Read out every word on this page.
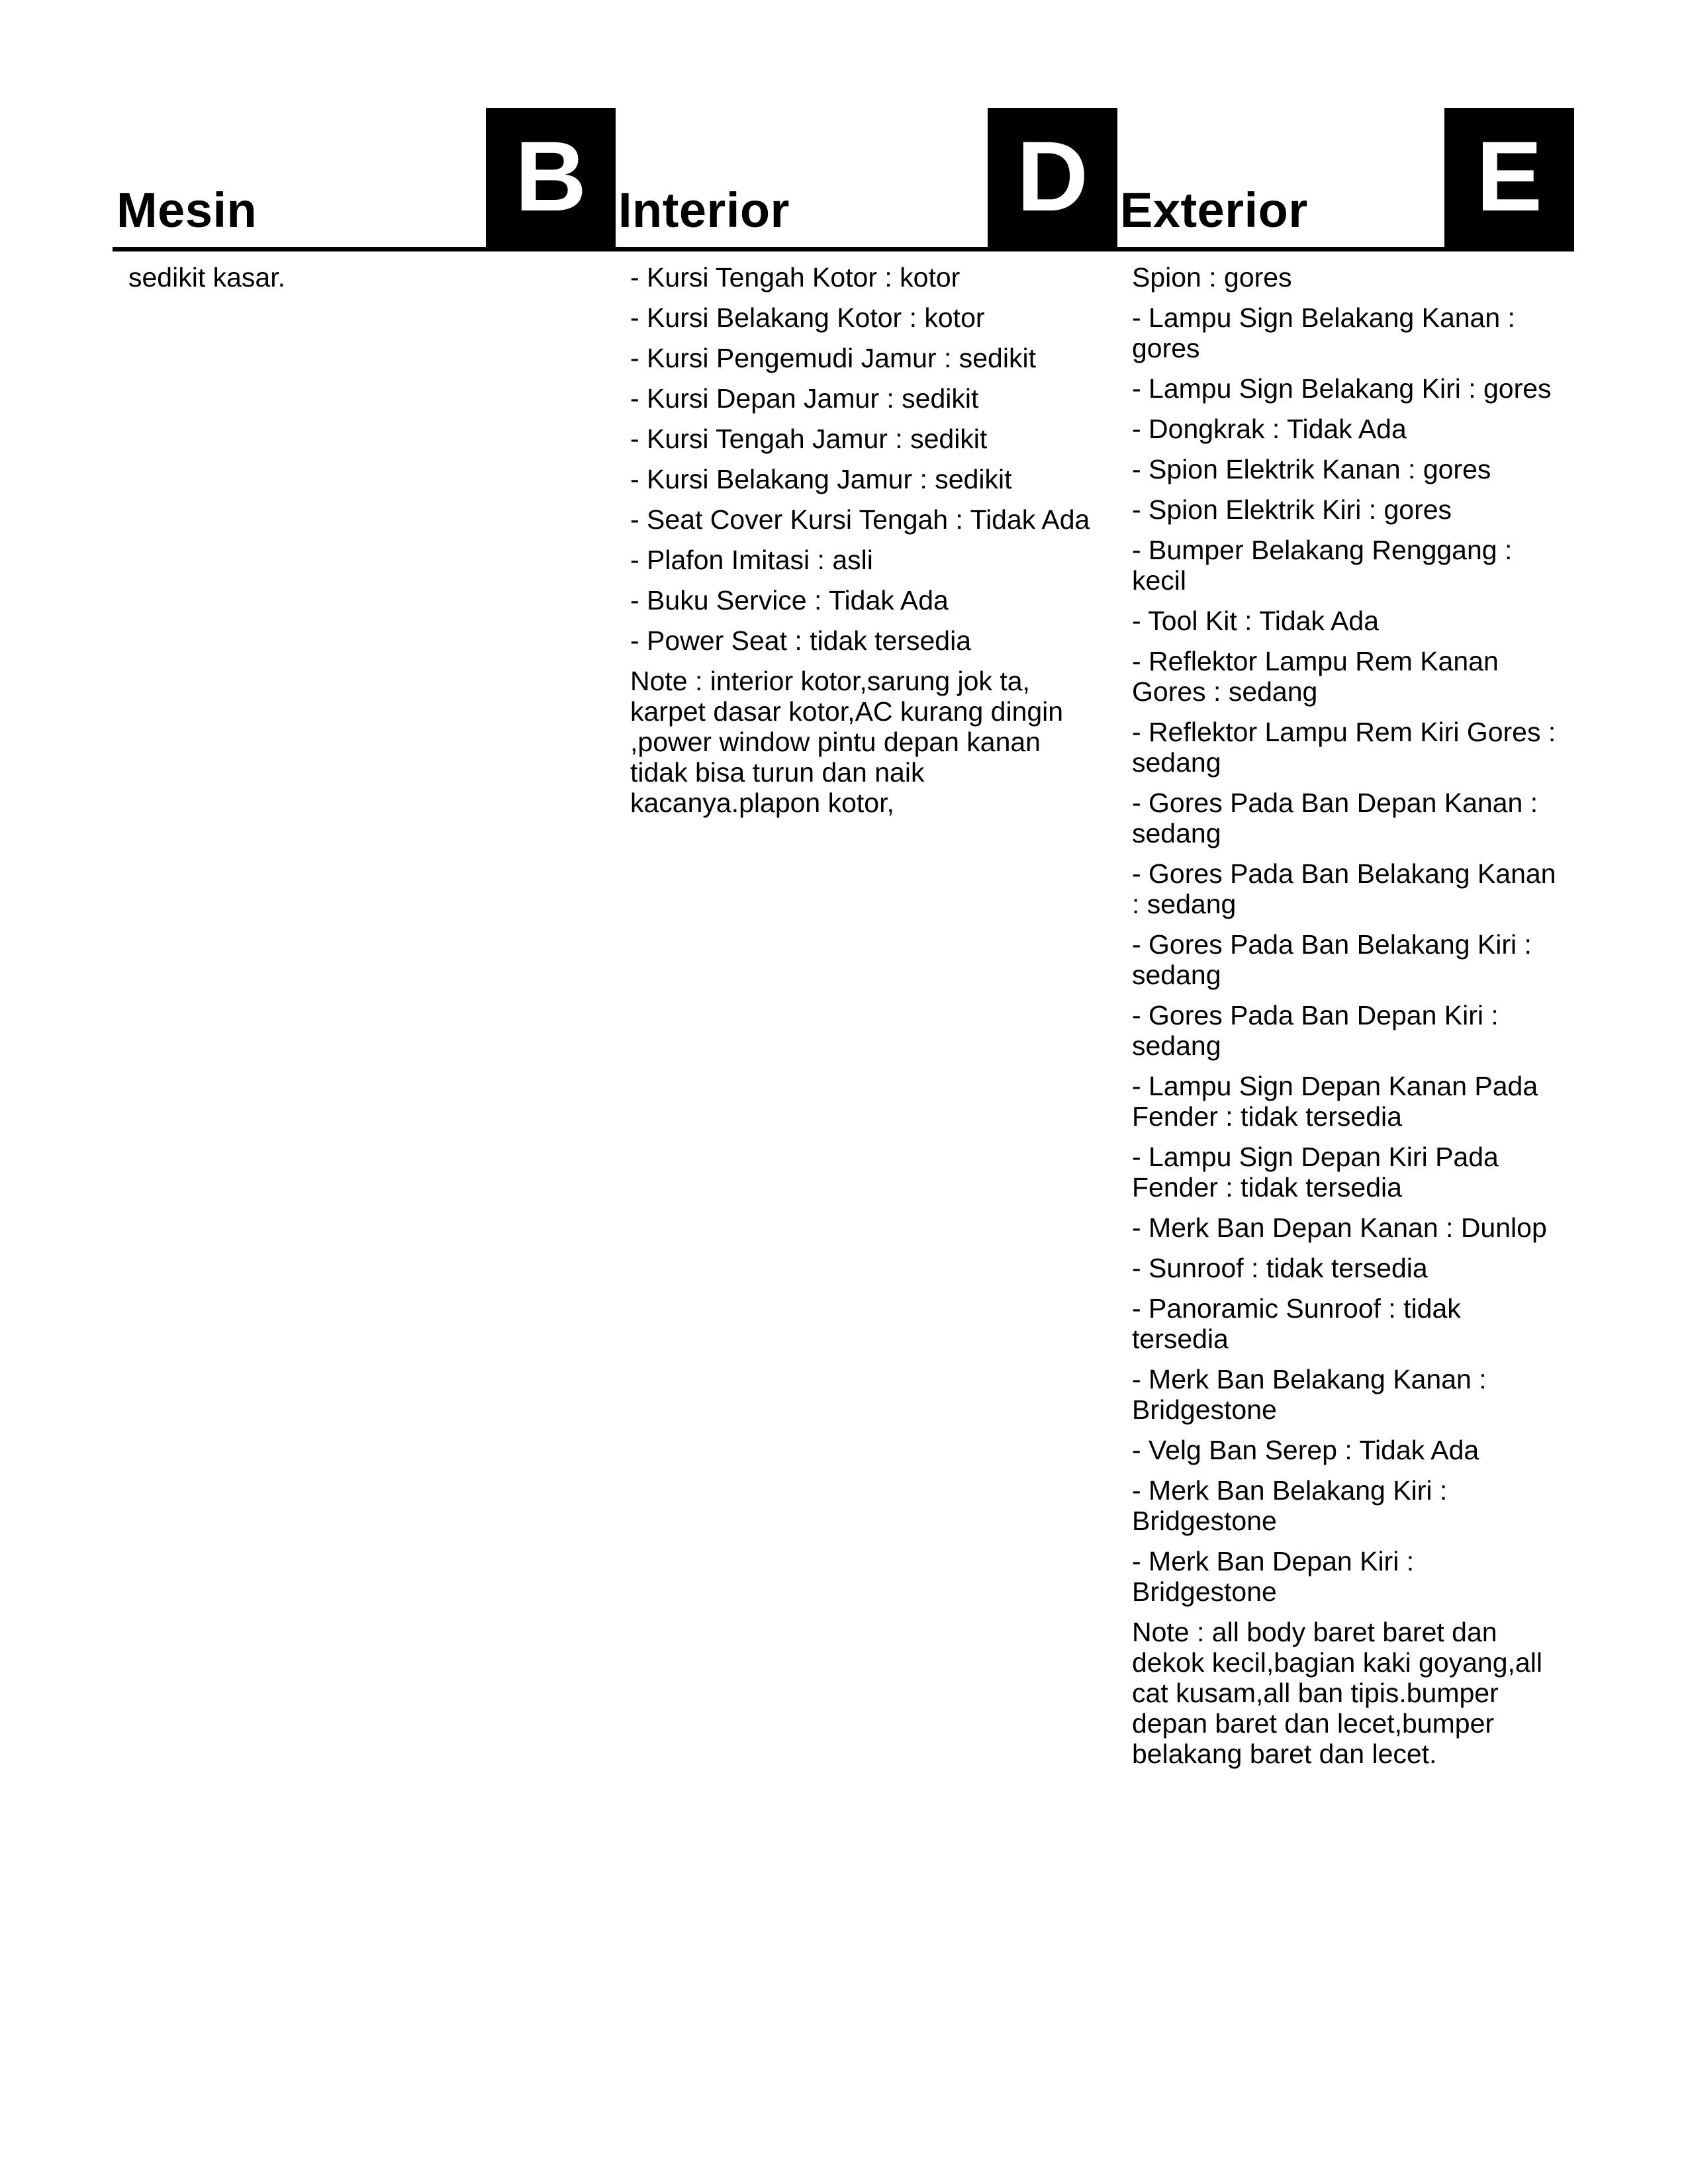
Mesin	B

sedikit kasar.

Interior D

- Kursi Tengah Kotor : kotor

- Kursi Belakang Kotor : kotor

- Kursi Pengemudi Jamur : sedikit

- Kursi Depan Jamur : sedikit

- Kursi Tengah Jamur : sedikit

- Kursi Belakang Jamur : sedikit

- Seat Cover Kursi Tengah : Tidak Ada

- Plafon Imitasi : asli

- Buku Service : Tidak Ada

- Power Seat : tidak tersedia

Note : interior kotor,sarung jok ta, karpet dasar kotor,AC kurang dingin ,power window pintu depan kanan tidak bisa turun dan naik kacanya.plapon kotor,

Exterior	E

Spion : gores

- Lampu Sign Belakang Kanan : gores

- Lampu Sign Belakang Kiri : gores

- Dongkrak : Tidak Ada

- Spion Elektrik Kanan : gores

- Spion Elektrik Kiri : gores

- Bumper Belakang Renggang : kecil

- Tool Kit : Tidak Ada

- Reflektor Lampu Rem Kanan Gores : sedang

- Reflektor Lampu Rem Kiri Gores : sedang

- Gores Pada Ban Depan Kanan : sedang

- Gores Pada Ban Belakang Kanan : sedang

- Gores Pada Ban Belakang Kiri : sedang

- Gores Pada Ban Depan Kiri : sedang

- Lampu Sign Depan Kanan Pada Fender : tidak tersedia

- Lampu Sign Depan Kiri Pada Fender : tidak tersedia

- Merk Ban Depan Kanan : Dunlop

- Sunroof : tidak tersedia

- Panoramic Sunroof : tidak tersedia

- Merk Ban Belakang Kanan : Bridgestone

- Velg Ban Serep : Tidak Ada

- Merk Ban Belakang Kiri : Bridgestone

- Merk Ban Depan Kiri : Bridgestone

Note : all body baret baret dan dekok kecil,bagian kaki goyang,all cat kusam,all ban tipis.bumper depan baret dan lecet,bumper belakang baret dan lecet.
